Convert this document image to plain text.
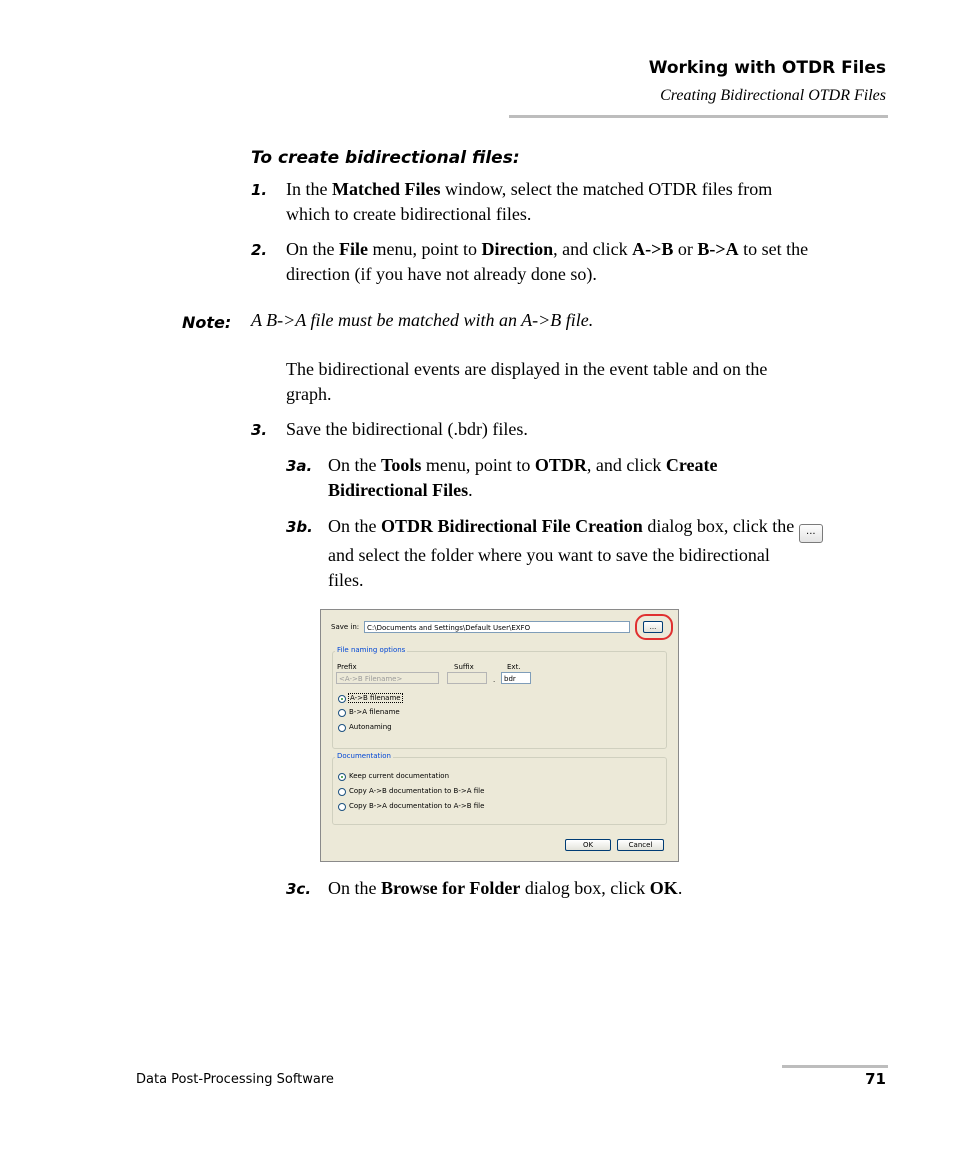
Working with OTDR Files
Creating Bidirectional OTDR Files
To create bidirectional files:
1. In the Matched Files window, select the matched OTDR files from
which to create bidirectional files.
2. On the File menu, point to Direction, and click A->B or B->A to set the
direction (if you have not already done so).
Note: A B->A file must be matched with an A->B file.
The bidirectional events are displayed in the event table and on the
graph.
3. Save the bidirectional (.bdr) files.
3a. On the Tools menu, point to OTDR, and click Create
Bidirectional Files.
3b. On the OTDR Bidirectional File Creation dialog box, click the ...
and select the folder where you want to save the bidirectional
files.
Save in:	C:\Documents and Settings\Default User\EXFO	...
File naming options
Prefix
<A->B Filename>
Suffix
.
Ext.
bdr
A->B filename
B->A filename
Autonaming
Documentation
Keep current documentation
Copy A->B documentation to B->A file
Copy B->A documentation to A->B file
OK	Cancel
3c. On the Browse for Folder dialog box, click OK.
Data Post-Processing Software	71
